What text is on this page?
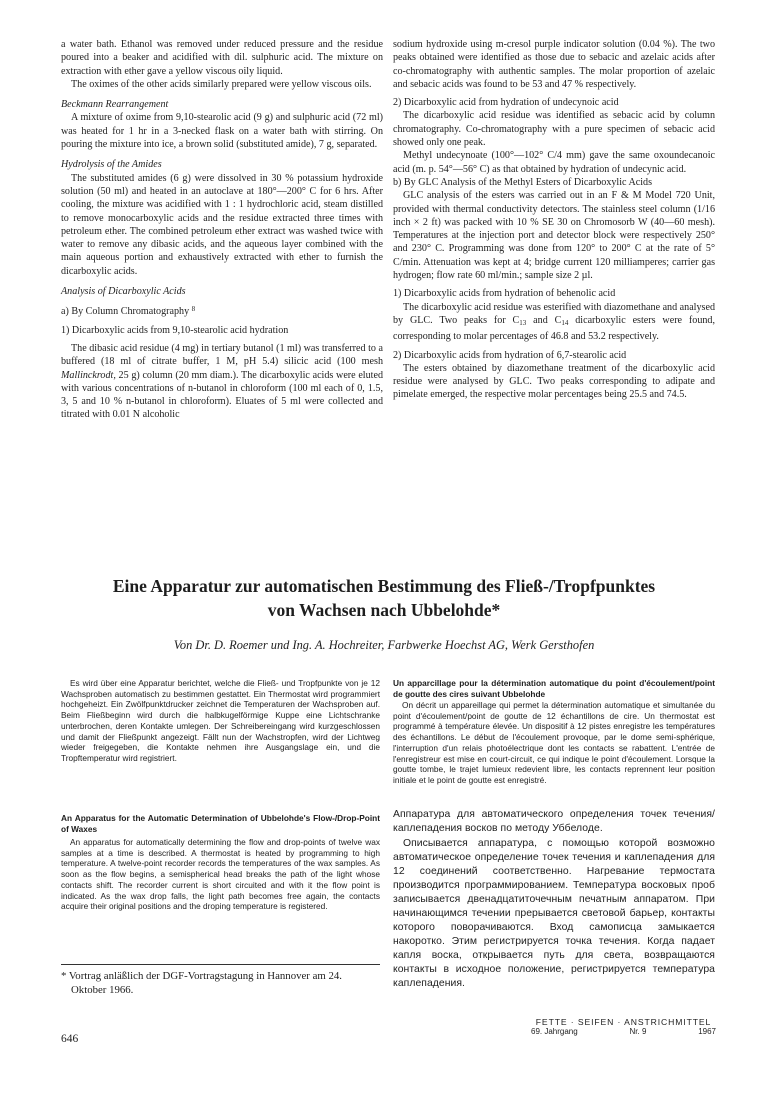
a water bath. Ethanol was removed under reduced pressure and the residue poured into a beaker and acidified with dil. sulphuric acid. The mixture on extraction with ether gave a yellow viscous oily liquid.

The oximes of the other acids similarly prepared were yellow viscous oils.

Beckmann Rearrangement

A mixture of oxime from 9,10-stearolic acid (9 g) and sulphuric acid (72 ml) was heated for 1 hr in a 3-necked flask on a water bath with stirring. On pouring the mixture into ice, a brown solid (substituted amide), 7 g, separated.

Hydrolysis of the Amides

The substituted amides (6 g) were dissolved in 30 % potassium hydroxide solution (50 ml) and heated in an autoclave at 180°—200° C for 6 hrs. After cooling, the mixture was acidified with 1 : 1 hydrochloric acid, steam distilled to remove monocarboxylic acids and the residue extracted three times with petroleum ether. The combined petroleum ether extract was washed twice with water to remove any dibasic acids, and the aqueous layer combined with the main aqueous portion and exhaustively extracted with ether to furnish the dicarboxylic acids.

Analysis of Dicarboxylic Acids

a) By Column Chromatography $^8$

1) Dicarboxylic acids from 9,10-stearolic acid hydration

The dibasic acid residue (4 mg) in tertiary butanol (1 ml) was transferred to a buffered (18 ml of citrate buffer, 1 M, pH 5.4) silicic acid (100 mesh Mallinckrodt, 25 g) column (20 mm diam.). The dicarboxylic acids were eluted with various concentrations of n-butanol in chloroform (100 ml each of 0, 1.5, 3, 5 and 10 % n-butanol in chloroform). Eluates of 5 ml were collected and titrated with 0.01 N alcoholic

sodium hydroxide using m-cresol purple indicator solution (0.04 %). The two peaks obtained were identified as those due to sebacic and azelaic acids after co-chromatography with authentic samples. The molar proportion of azelaic and sebacic acids was found to be 53 and 47 % respectively.

2) Dicarboxylic acid from hydration of undecynoic acid

The dicarboxylic acid residue was identified as sebacic acid by column chromatography. Co-chromatography with a pure specimen of sebacic acid showed only one peak.

Methyl undecynoate (100°—102° C/4 mm) gave the same oxoundecanoic acid (m. p. 54°—56° C) as that obtained by hydration of undecynic acid.

b) By GLC Analysis of the Methyl Esters of Dicarboxylic Acids

GLC analysis of the esters was carried out in an F & M Model 720 Unit, provided with thermal conductivity detectors. The stainless steel column (1/16 inch × 2 ft) was packed with 10 % SE 30 on Chromosorb W (40—60 mesh). Temperatures at the injection port and detector block were respectively 250° and 230° C. Programming was done from 120° to 200° C at the rate of 5° C/min. Attenuation was kept at 4; bridge current 120 milliamperes; carrier gas hydrogen; flow rate 60 ml/min.; sample size 2 µl.

1) Dicarboxylic acids from hydration of behenolic acid

The dicarboxylic acid residue was esterified with diazomethane and analysed by GLC. Two peaks for $C_{13}$ and $C_{14}$ dicarboxylic esters were found, corresponding to molar percentages of 46.8 and 53.2 respectively.

2) Dicarboxylic acids from hydration of 6,7-stearolic acid

The esters obtained by diazomethane treatment of the dicarboxylic acid residue were analysed by GLC. Two peaks corresponding to adipate and pimelate emerged, the respective molar percentages being 25.5 and 74.5.

Eine Apparatur zur automatischen Bestimmung des Fließ-/Tropfpunktes
von Wachsen nach Ubbelohde*
Von Dr. D. Roemer und Ing. A. Hochreiter, Farbwerke Hoechst AG, Werk Gersthofen

Es wird über eine Apparatur berichtet, welche die Fließ- und Tropfpunkte von je 12 Wachsproben automatisch zu bestimmen gestattet. Ein Thermostat wird programmiert hochgeheizt. Ein Zwölfpunktdrucker zeichnet die Temperaturen der Wachsproben auf. Beim Fließbeginn wird durch die halbkugelförmige Kuppe eine Lichtschranke unterbrochen, deren Kontakte umlegen. Der Schreibereingang wird kurzgeschlossen und damit der Fließpunkt angezeigt. Fällt nun der Wachstropfen, wird der Lichtweg wieder freigegeben, die Kontakte nehmen ihre Ausgangslage ein, und die Tropftemperatur wird registriert.

An Apparatus for the Automatic Determination of Ubbelohde's Flow-/Drop-Point of Waxes

An apparatus for automatically determining the flow and drop-points of twelve wax samples at a time is described. A thermostat is heated by programming to high temperature. A twelve-point recorder records the temperatures of the wax samples. As soon as the flow begins, a semispherical head breaks the path of the light whose contacts shift. The recorder current is short circuited and with it the flow point is indicated. As the wax drop falls, the light path becomes free again, the contacts acquire their original positions and the droping temperature is registered.

Un apparcillage pour la détermination automatique du point d'écoulement/point de goutte des cires suivant Ubbelohde

On décrit un appareillage qui permet la détermination automatique et simultanée du point d'écoulement/point de goutte de 12 échantillons de cire. Un thermostat est programmé à température élevée. Un dispositif à 12 pistes enregistre les températures des échantillons. Le début de l'écoulement provoque, par le dome semi-sphérique, l'interruption d'un relais photoélectrique dont les contacts se rabattent. L'entrée de l'enregistreur est mise en court-circuit, ce qui indique le point d'écoulement. Lorsque la goutte tombe, le trajet lumieux redevient libre, les contacts reprennent leur position initiale et le point de goutte est enregistré.

Аппаратура для автоматического определения точек течения/каплепадения восков по методу Уббелоде.

Описывается аппаратура, с помощью которой возможно автоматическое определение точек течения и каплепадения для 12 соединений соответственно. Нагревание термостата производится программированием. Температура восковых проб записывается двенадцатиточечным печатным аппаратом. При начинающимся течении прерывается световой барьер, контакты которого поворачиваются. Вход самописца замыкается накоротко. Этим регистрируется точка течения. Когда падает капля воска, открывается путь для света, возвращаются контакты в исходное положение, регистрируется температура каплепадения.

* Vortrag anläßlich der DGF-Vortragstagung in Hannover am 24. Oktober 1966.

646
FETTE · SEIFEN · ANSTRICHMITTEL
69. Jahrgang	Nr. 9	1967
